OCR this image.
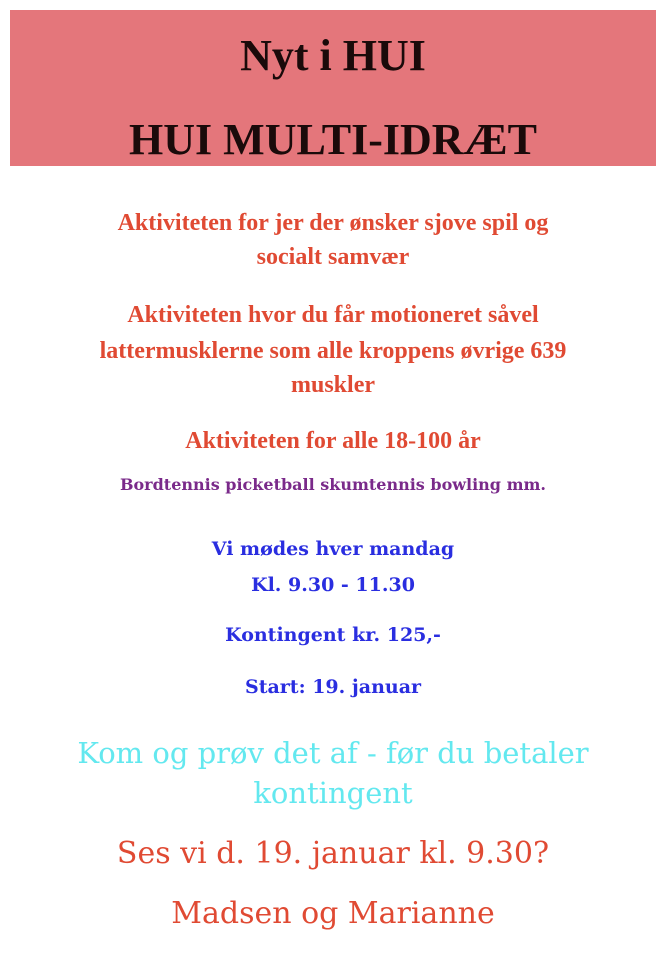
Nyt i HUI
HUI MULTI-IDRÆT
Aktiviteten for jer der ønsker sjove spil og
socialt samvær
Aktiviteten hvor du får motioneret såvel
lattermusklerne som alle kroppens øvrige 639
muskler
Aktiviteten for alle 18-100 år
Bordtennis picketball skumtennis bowling mm.
Vi mødes hver mandag
Kl. 9.30 - 11.30
Kontingent kr. 125,-
Start: 19. januar
Kom og prøv det af - før du betaler
kontingent
Ses vi d. 19. januar kl. 9.30?
Madsen og Marianne
